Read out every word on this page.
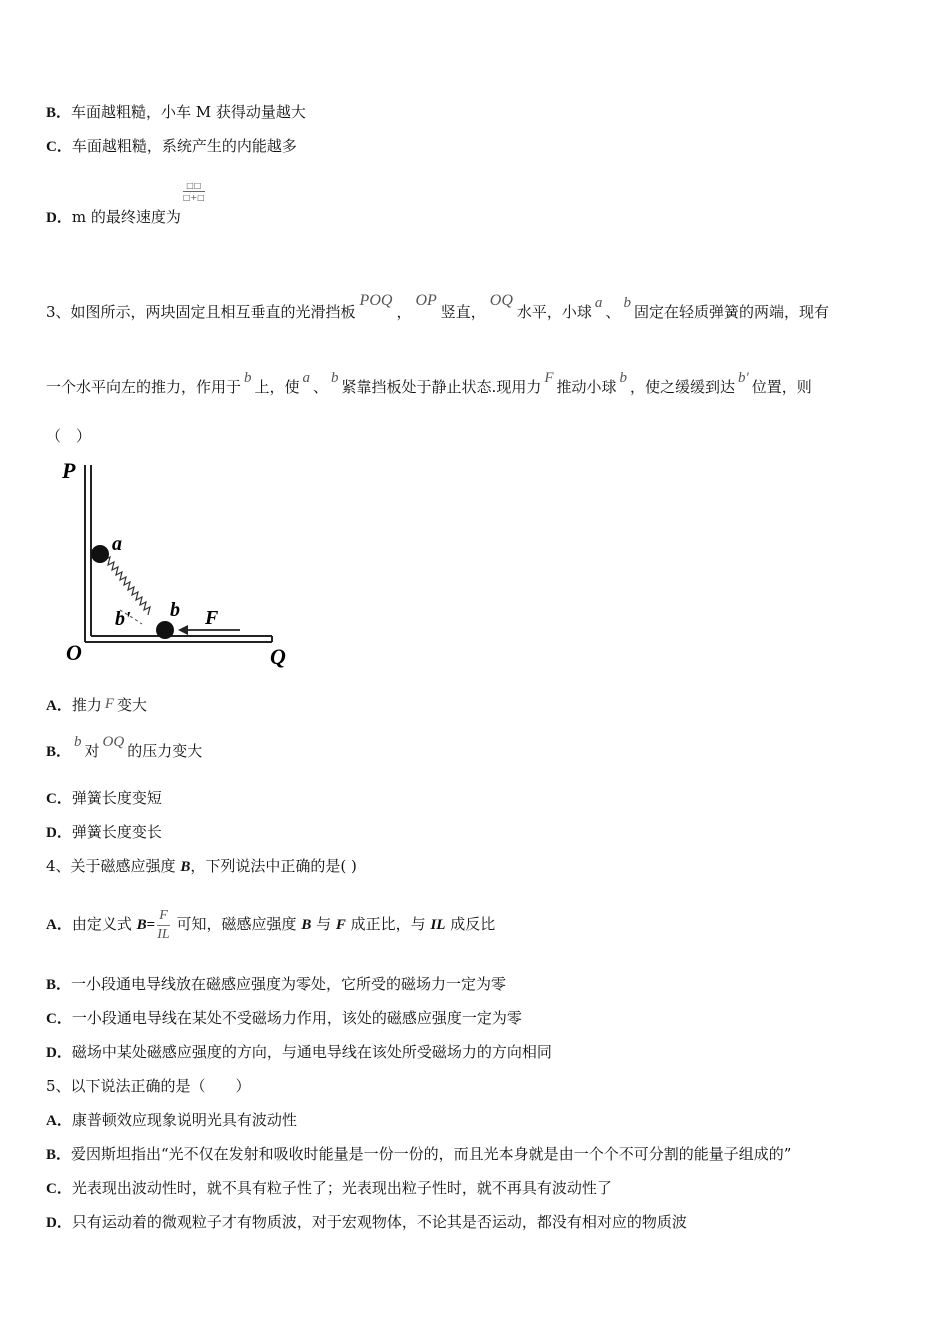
B．车面越粗糙，小车 M 获得动量越大
C．车面越粗糙，系统产生的内能越多
D．m 的最终速度为
$\frac{□□}{□+□}$
3、如图所示，两块固定且相互垂直的光滑挡板POQ，OP竖直，OQ水平，小球 a 、 b 固定在轻质弹簧的两端，现有
一个水平向左的推力，作用于 b 上，使 a 、 b 紧靠挡板处于静止状态.现用力 F 推动小球 b ，使之缓缓到达 b' 位置，则
（　）
P
O	Q
a
b
b'	F
A．推力 F 变大
B．b 对 OQ 的压力变大
C．弹簧长度变短
D．弹簧长度变长
4、关于磁感应强度 B，下列说法中正确的是( )
A．由定义式 $B= \frac{F}{IL}$ 可知，磁感应强度 B 与 F 成正比，与 IL 成反比
B．一小段通电导线放在磁感应强度为零处，它所受的磁场力一定为零
C．一小段通电导线在某处不受磁场力作用，该处的磁感应强度一定为零
D．磁场中某处磁感应强度的方向，与通电导线在该处所受磁场力的方向相同
5、以下说法正确的是（　　）
A．康普顿效应现象说明光具有波动性
B．爱因斯坦指出“光不仅在发射和吸收时能量是一份一份的，而且光本身就是由一个个不可分割的能量子组成的”
C．光表现出波动性时，就不具有粒子性了；光表现出粒子性时，就不再具有波动性了
D．只有运动着的微观粒子才有物质波，对于宏观物体，不论其是否运动，都没有相对应的物质波
